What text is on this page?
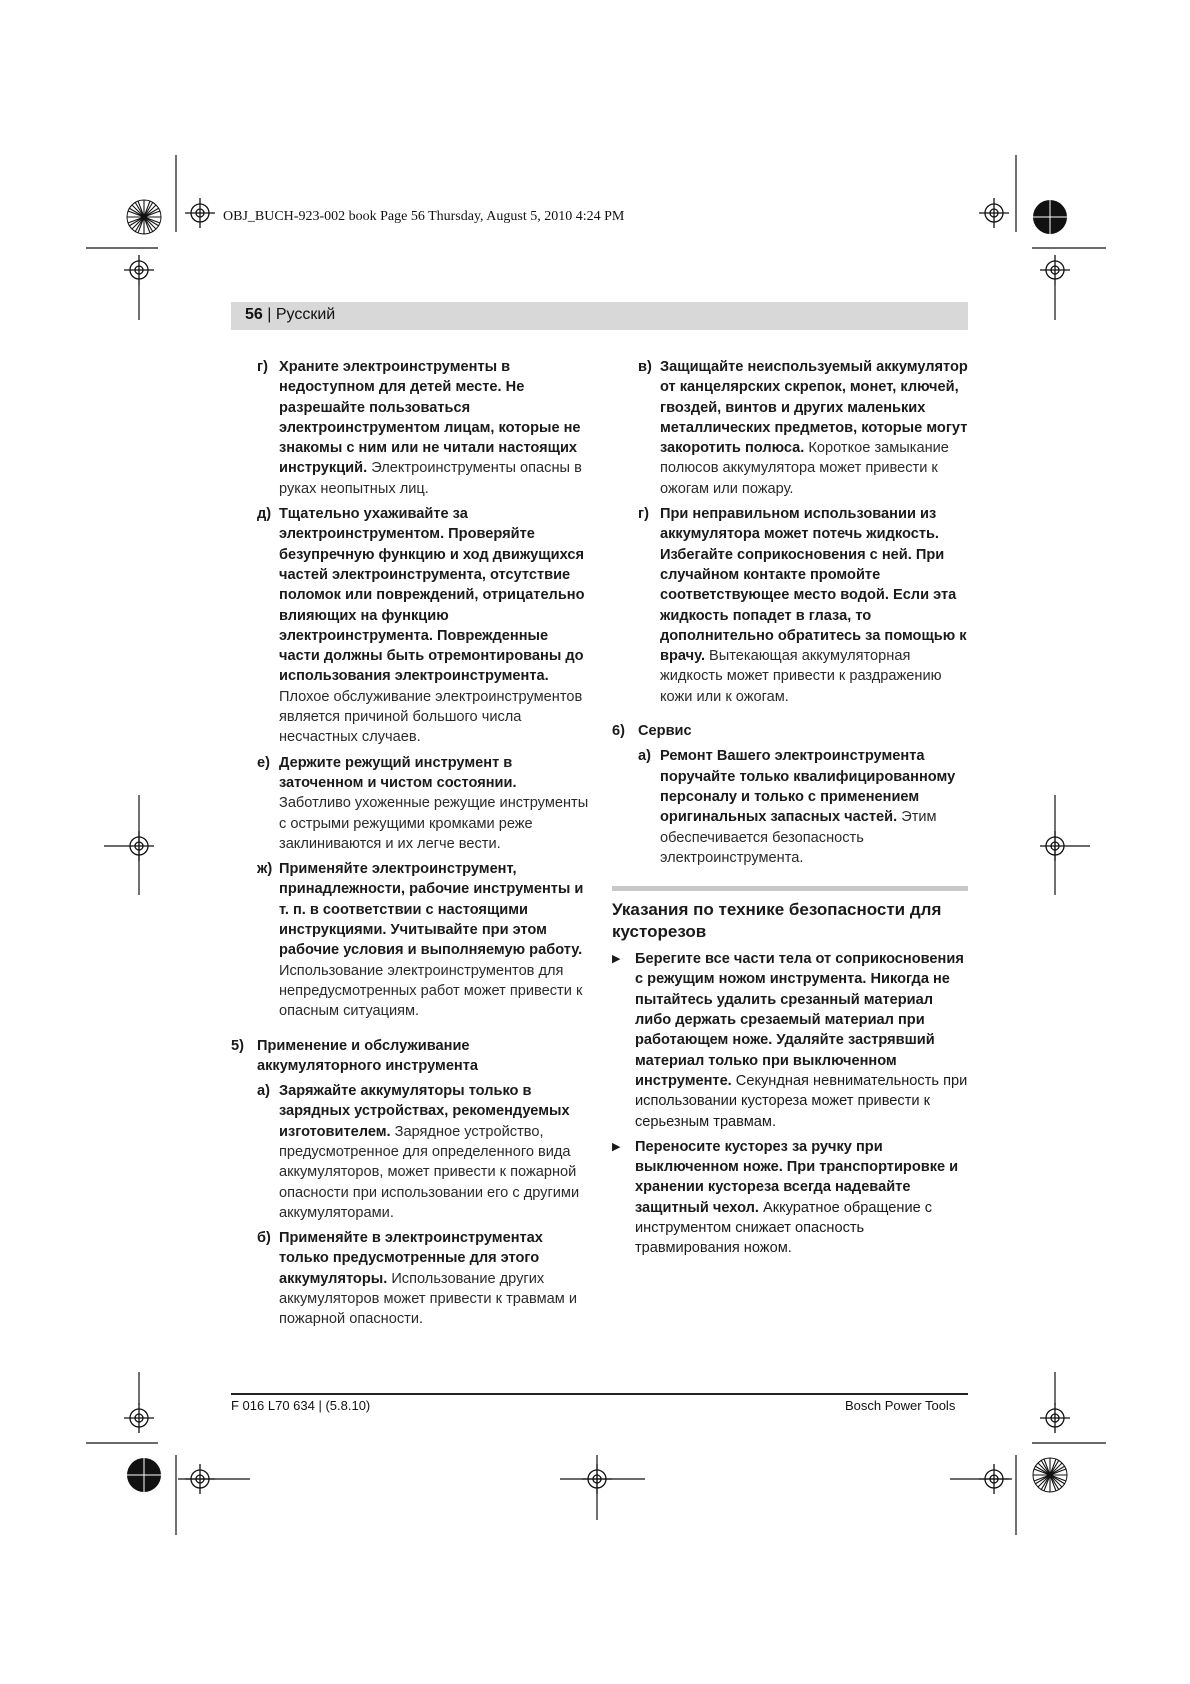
OBJ_BUCH-923-002 book Page 56 Thursday, August 5, 2010 4:24 PM
56 | Русский
г) Храните электроинструменты в недоступном для детей месте. Не разрешайте пользоваться электроинструментом лицам, которые не знакомы с ним или не читали настоящих инструкций. Электроинструменты опасны в руках неопытных лиц.

д) Тщательно ухаживайте за электроинструментом. Проверяйте безупречную функцию и ход движущихся частей электроинструмента, отсутствие поломок или повреждений, отрицательно влияющих на функцию электроинструмента. Поврежденные части должны быть отремонтированы до использования электроинструмента. Плохое обслуживание электроинструментов является причиной большого числа несчастных случаев.

е) Держите режущий инструмент в заточенном и чистом состоянии. Заботливо ухоженные режущие инструменты с острыми режущими кромками реже заклиниваются и их легче вести.

ж) Применяйте электроинструмент, принадлежности, рабочие инструменты и т. п. в соответствии с настоящими инструкциями. Учитывайте при этом рабочие условия и выполняемую работу. Использование электроинструментов для непредусмотренных работ может привести к опасным ситуациям.

5) Применение и обслуживание аккумуляторного инструмента
а) Заряжайте аккумуляторы только в зарядных устройствах, рекомендуемых изготовителем. Зарядное устройство, предусмотренное для определенного вида аккумуляторов, может привести к пожарной опасности при использовании его с другими аккумуляторами.

б) Применяйте в электроинструментах только предусмотренные для этого аккумуляторы. Использование других аккумуляторов может привести к травмам и пожарной опасности.

в) Защищайте неиспользуемый аккумулятор от канцелярских скрепок, монет, ключей, гвоздей, винтов и других маленьких металлических предметов, которые могут закоротить полюса. Короткое замыкание полюсов аккумулятора может привести к ожогам или пожару.

г) При неправильном использовании из аккумулятора может потечь жидкость. Избегайте соприкосновения с ней. При случайном контакте промойте соответствующее место водой. Если эта жидкость попадет в глаза, то дополнительно обратитесь за помощью к врачу. Вытекающая аккумуляторная жидкость может привести к раздражению кожи или к ожогам.

6) Сервис
а) Ремонт Вашего электроинструмента поручайте только квалифицированному персоналу и только с применением оригинальных запасных частей. Этим обеспечивается безопасность электроинструмента.

Указания по технике безопасности для кусторезов
▶ Берегите все части тела от соприкосновения с режущим ножом инструмента. Никогда не пытайтесь удалить срезанный материал либо держать срезаемый материал при работающем ноже. Удаляйте застрявший материал только при выключенном инструменте. Секундная невнимательность при использовании кустореза может привести к серьезным травмам.

▶ Переносите кусторез за ручку при выключенном ноже. При транспортировке и хранении кустореза всегда надевайте защитный чехол. Аккуратное обращение с инструментом снижает опасность травмирования ножом.

F 016 L70 634 | (5.8.10)	Bosch Power Tools
